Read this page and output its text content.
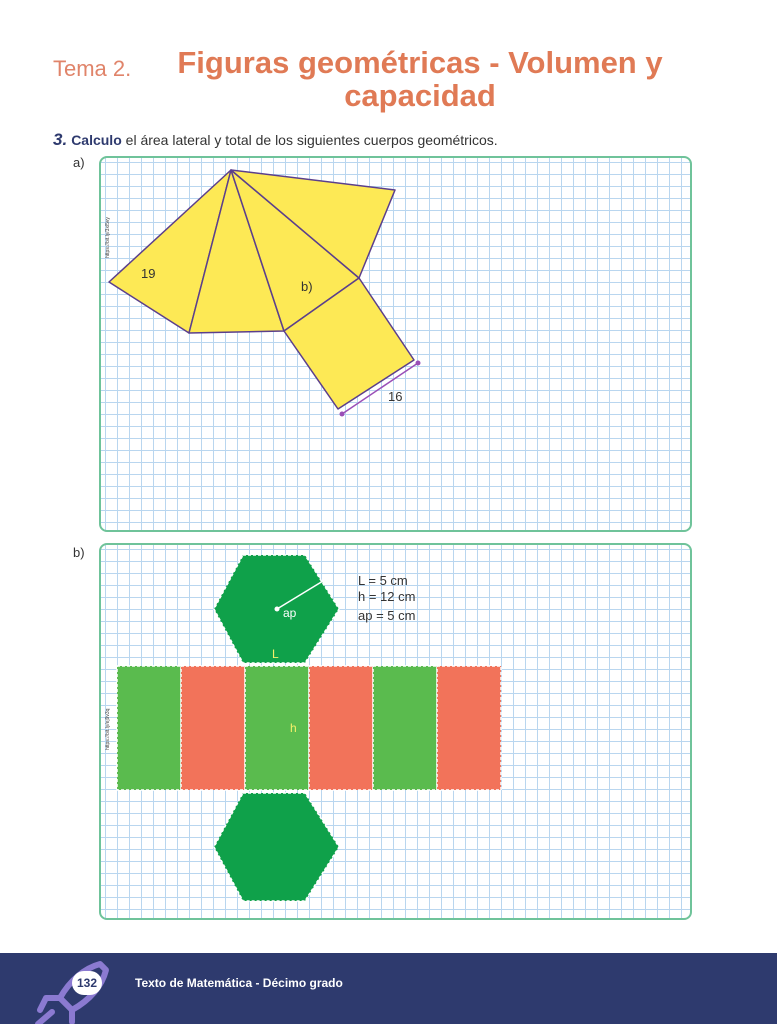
Tema 2. Figuras geométricas - Volumen y capacidad
3. Calculo el área lateral y total de los siguientes cuerpos geométricos.
a)
https://bit.ly/3xl5vy
19
b)
16
b)
https://bit.ly/ej9v3q
ap
L
h
L = 5 cm
h = 12 cm
ap = 5 cm
132	Texto de Matemática - Décimo grado
